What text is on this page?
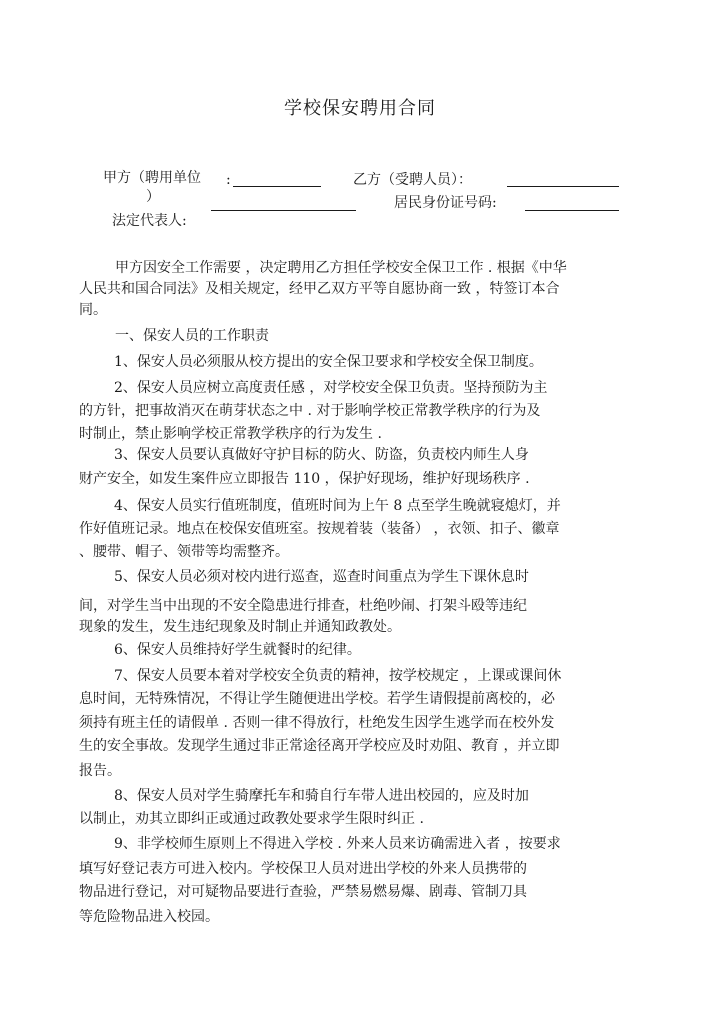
学校保安聘用合同
甲方（聘用单位 :
）
乙方（受聘人员）：
居民身份证号码:
法定代表人:
甲方因安全工作需要 ，决定聘用乙方担任学校安全保卫工作 . 根据《中华
人民共和国合同法》及相关规定，经甲乙双方平等自愿协商一致 ，特签订本合
同。
一、保安人员的工作职责
1、保安人员必须服从校方提出的安全保卫要求和学校安全保卫制度。
2、保安人员应树立高度责任感 ，对学校安全保卫负责。坚持预防为主
的方针，把事故消灭在萌芽状态之中 . 对于影响学校正常教学秩序的行为及
时制止，禁止影响学校正常教学秩序的行为发生 .
3、保安人员要认真做好守护目标的防火、防盗，负责校内师生人身
财产安全，如发生案件应立即报告 110 ，保护好现场，维护好现场秩序 .
4、保安人员实行值班制度，值班时间为上午 8 点至学生晚就寝熄灯，并
作好值班记录。地点在校保安值班室。按规着装（装备） ，衣领、扣子、徽章
、腰带、帽子、领带等均需整齐。
5、保安人员必须对校内进行巡查，巡查时间重点为学生下课休息时
间，对学生当中出现的不安全隐患进行排查，杜绝吵闹、打架斗殴等违纪
现象的发生，发生违纪现象及时制止并通知政教处。
6、保安人员维持好学生就餐时的纪律。
7、保安人员要本着对学校安全负责的精神，按学校规定 ，上课或课间休
息时间，无特殊情况，不得让学生随便进出学校。若学生请假提前离校的，必
须持有班主任的请假单 . 否则一律不得放行，杜绝发生因学生逃学而在校外发
生的安全事故。发现学生通过非正常途径离开学校应及时劝阻、教育 ，并立即
报告。
8、保安人员对学生骑摩托车和骑自行车带人进出校园的，应及时加
以制止，劝其立即纠正或通过政教处要求学生限时纠正 .
9、非学校师生原则上不得进入学校 . 外来人员来访确需进入者 ，按要求
填写好登记表方可进入校内。学校保卫人员对进出学校的外来人员携带的
物品进行登记，对可疑物品要进行查验，严禁易燃易爆、剧毒、管制刀具
等危险物品进入校园。
